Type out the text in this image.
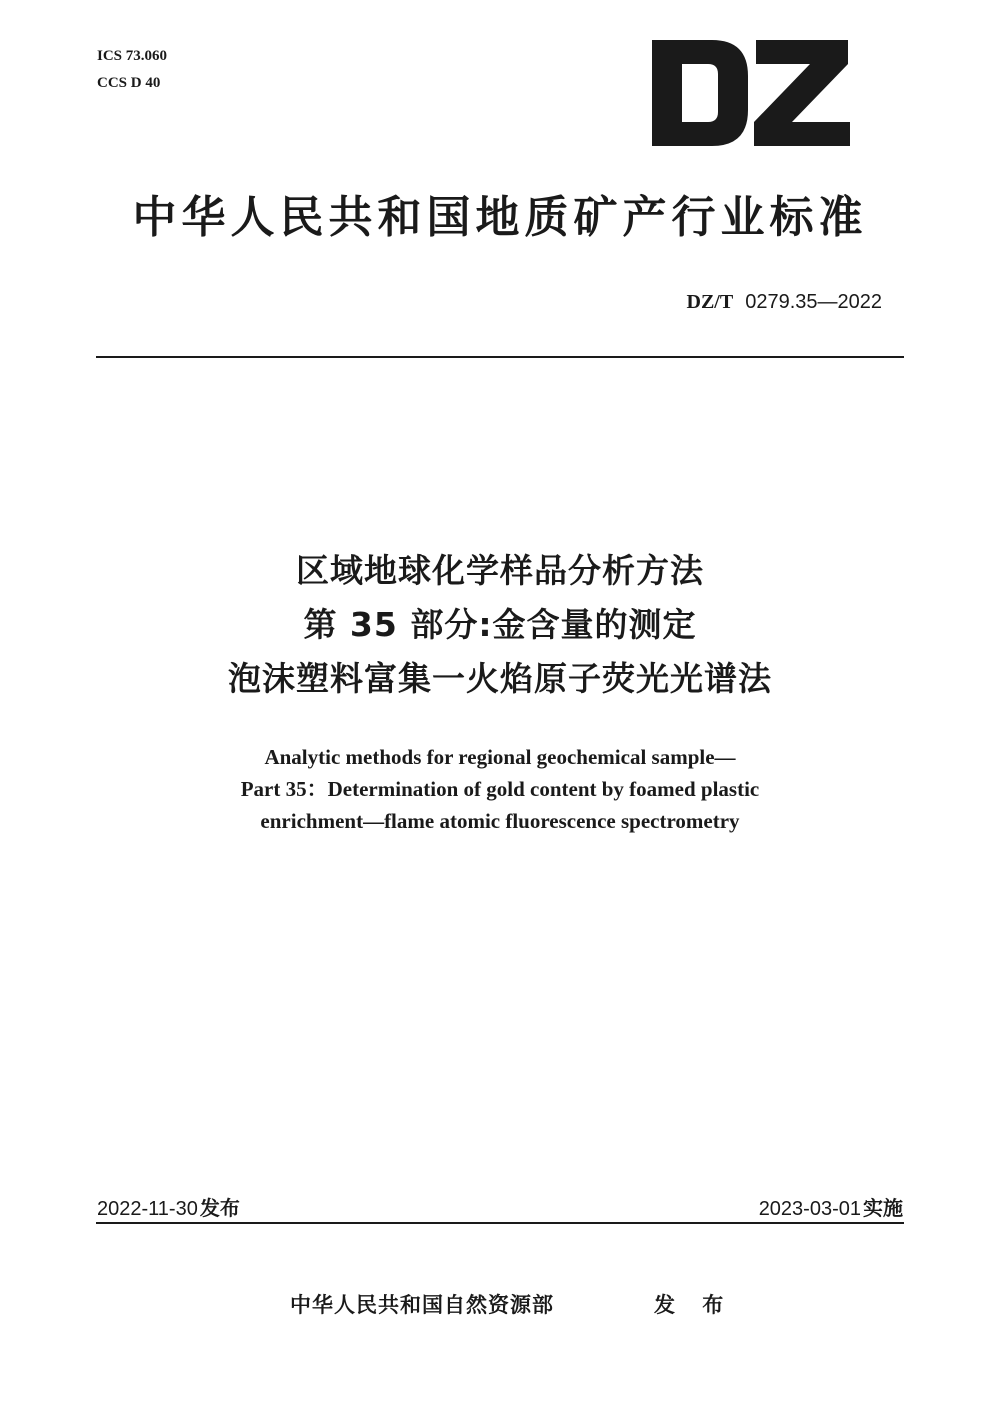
ICS 73.060
CCS D 40
中华人民共和国地质矿产行业标准
DZ/T 0279.35—2022
区域地球化学样品分析方法
第 35 部分:金含量的测定
泡沫塑料富集一火焰原子荧光光谱法
Analytic methods for regional geochemical sample—
Part 35：Determination of gold content by foamed plastic
enrichment—flame atomic fluorescence spectrometry
2022-11-30 发布	2023-03-01 实施
中华人民共和国自然资源部	发 布
